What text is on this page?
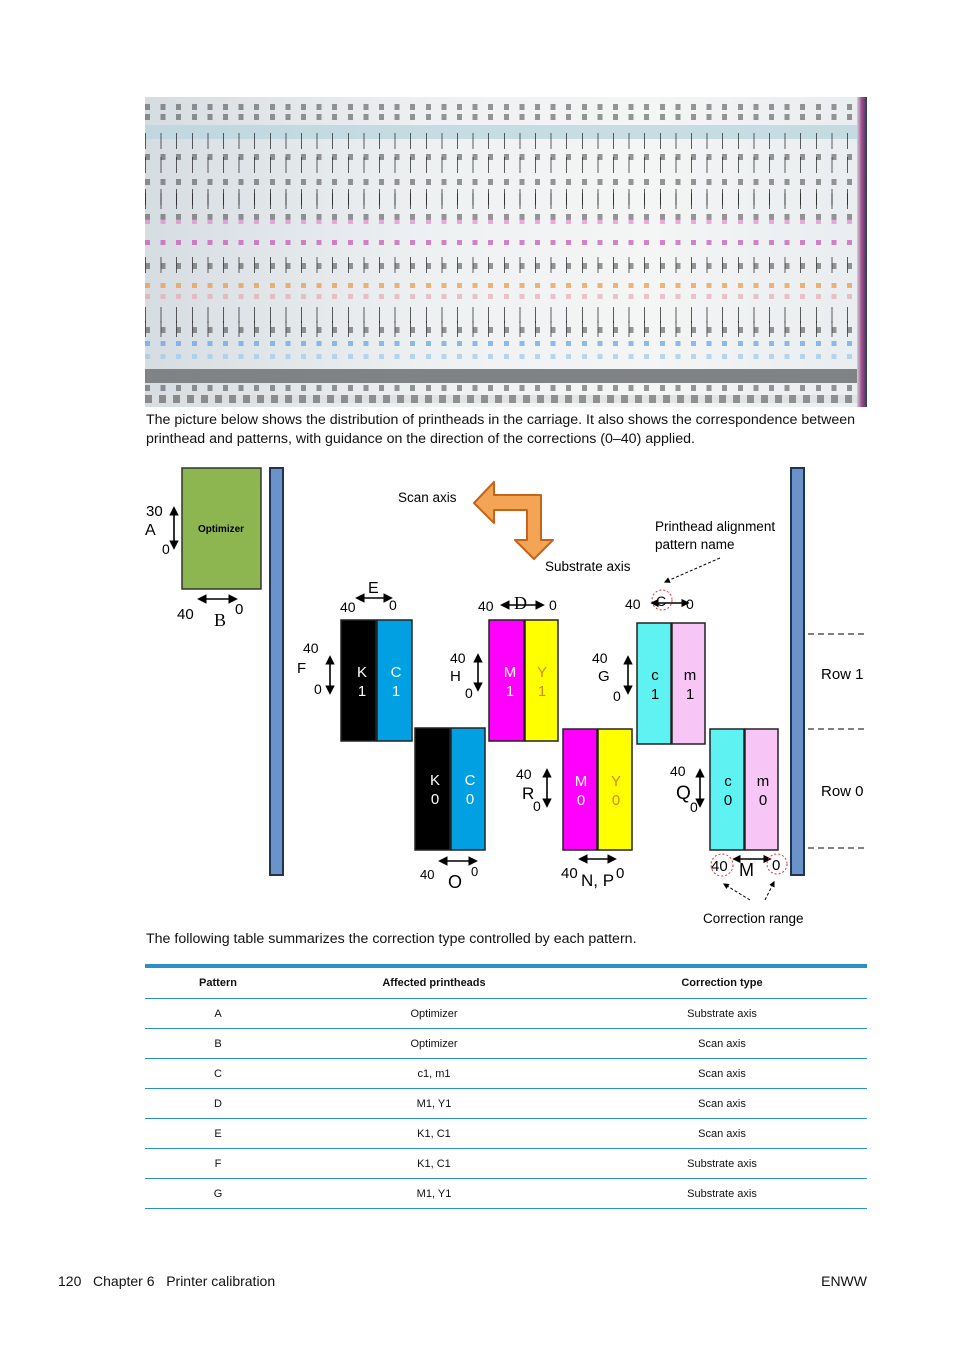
The picture below shows the distribution of printheads in the carriage. It also shows the correspondence between printhead and patterns, with guidance on the direction of the corrections (0–40) applied.
Optimizer
30
A
0
40 B
0
Scan axis
Substrate axis
Printhead alignment
pattern name
E
40 0	40 D 0	40 C 0
40
F
0
40
H
0
40
G
0
K
1
C
1
M
1
Y
1
c
1
m
1
K
0
C
0
M
0
Y
0
c
0
m
0
40
R
0
40
Q
0
40 O
0	40 N, P 0	40 M 0
Correction range
Row 1
Row 0
The following table summarizes the correction type controlled by each pattern.
Pattern	Affected printheads	Correction type
A	Optimizer	Substrate axis
B	Optimizer	Scan axis
C	c1, m1	Scan axis
D	M1, Y1	Scan axis
E	K1, C1	Scan axis
F	K1, C1	Substrate axis
G	M1, Y1	Substrate axis
120 Chapter 6 Printer calibration	ENWW
